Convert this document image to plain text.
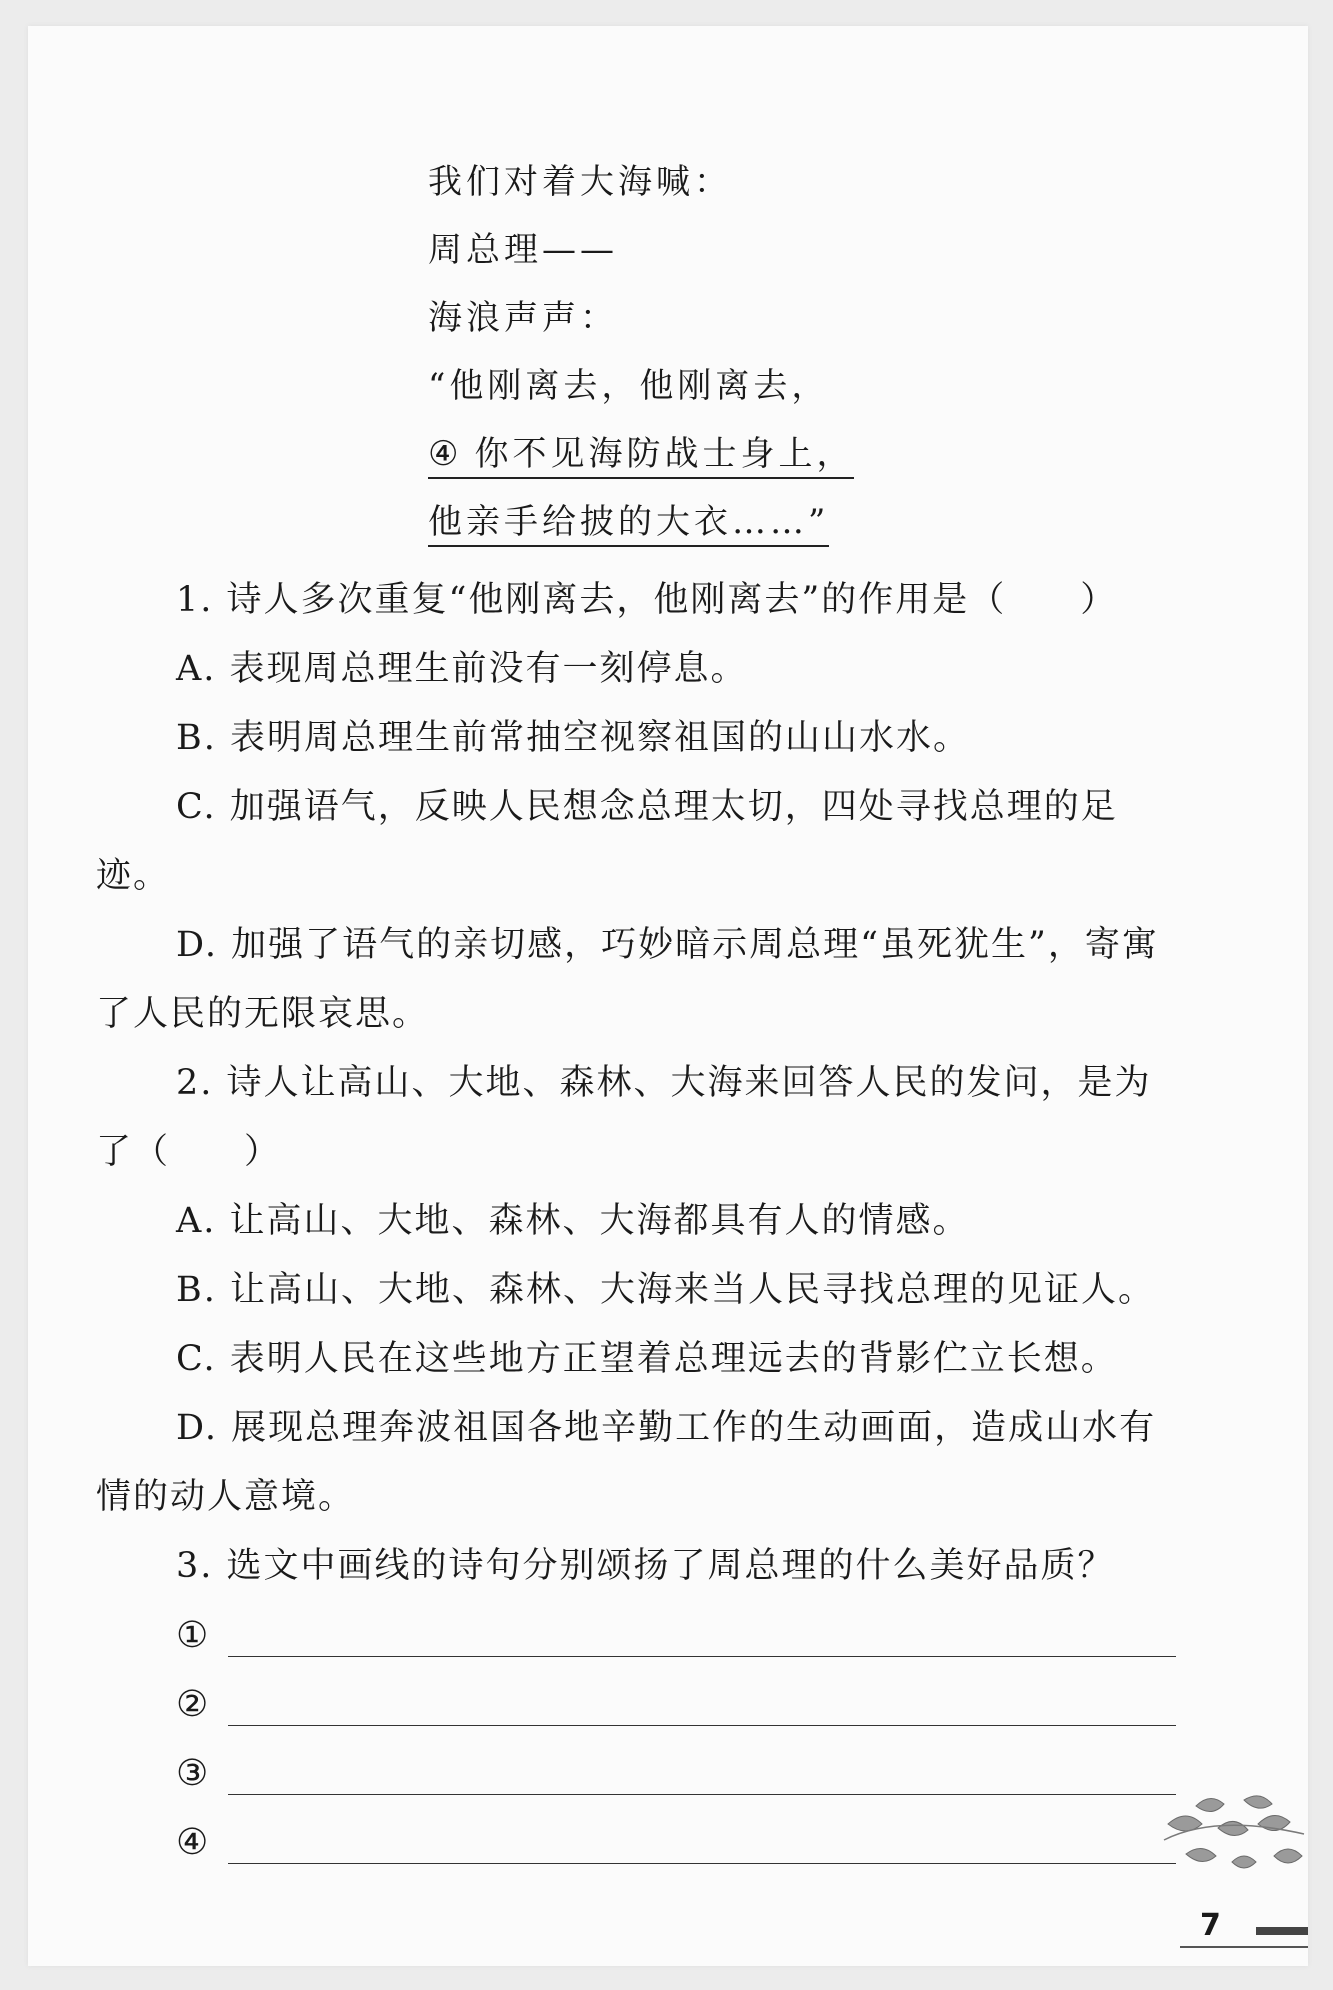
我们对着大海喊：
周总理——
海浪声声：
“他刚离去，他刚离去，
④ 你不见海防战士身上，
他亲手给披的大衣……”

1. 诗人多次重复“他刚离去，他刚离去”的作用是（　　）

A. 表现周总理生前没有一刻停息。

B. 表明周总理生前常抽空视察祖国的山山水水。

C. 加强语气，反映人民想念总理太切，四处寻找总理的足迹。

D. 加强了语气的亲切感，巧妙暗示周总理“虽死犹生”，寄寓了人民的无限哀思。

2. 诗人让高山、大地、森林、大海来回答人民的发问，是为了（　　）

A. 让高山、大地、森林、大海都具有人的情感。

B. 让高山、大地、森林、大海来当人民寻找总理的见证人。

C. 表明人民在这些地方正望着总理远去的背影伫立长想。

D. 展现总理奔波祖国各地辛勤工作的生动画面，造成山水有情的动人意境。

3. 选文中画线的诗句分别颂扬了周总理的什么美好品质？

①
②
③
④
7
